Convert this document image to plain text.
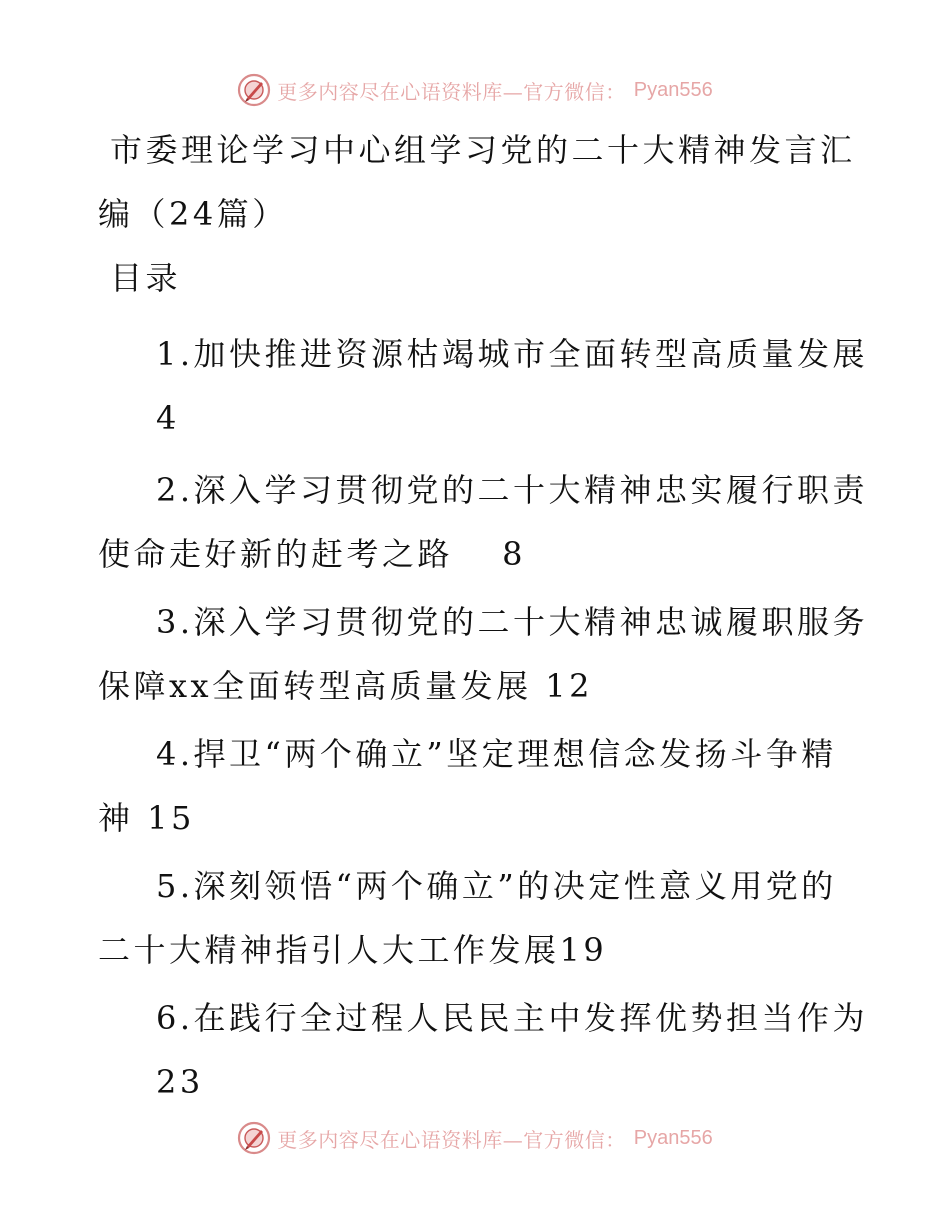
更多内容尽在心语资料库—官方微信： Pyan556
市委理论学习中心组学习党的二十大精神发言汇
编（24篇）
目录
1.加快推进资源枯竭城市全面转型高质量发展
4
2.深入学习贯彻党的二十大精神忠实履行职责
使命走好新的赶考之路　 8
3.深入学习贯彻党的二十大精神忠诚履职服务
保障xx全面转型高质量发展 12
4.捍卫“两个确立”坚定理想信念发扬斗争精
神 15
5.深刻领悟“两个确立”的决定性意义用党的
二十大精神指引人大工作发展19
6.在践行全过程人民民主中发挥优势担当作为
23
更多内容尽在心语资料库—官方微信： Pyan556
